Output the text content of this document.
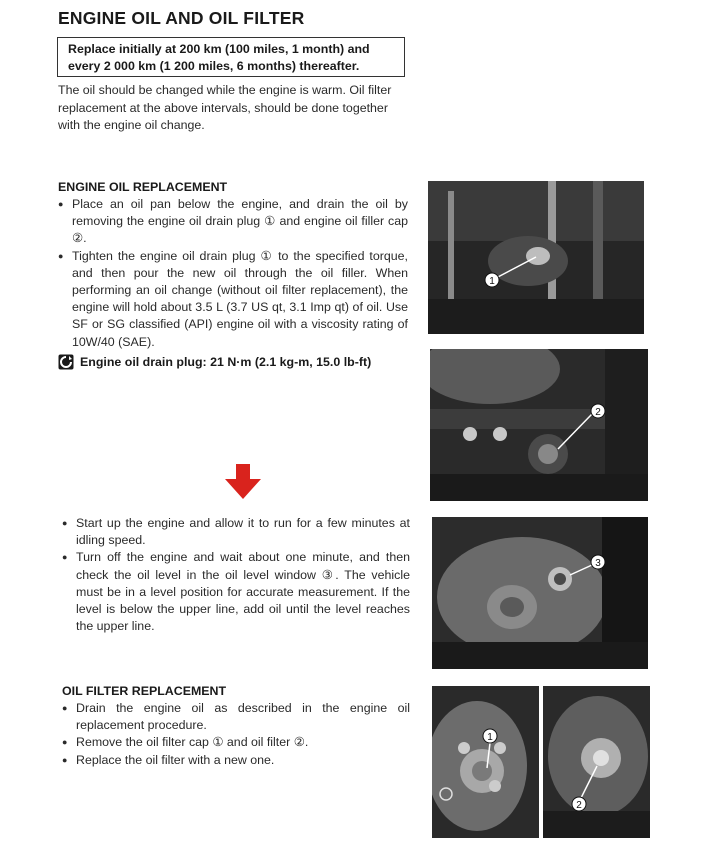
ENGINE OIL AND OIL FILTER
Replace initially at 200 km (100 miles, 1 month) and every 2 000 km (1 200 miles, 6 months) thereafter.
The oil should be changed while the engine is warm. Oil filter replacement at the above intervals, should be done together with the engine oil change.
ENGINE OIL REPLACEMENT
● Place an oil pan below the engine, and drain the oil by removing the engine oil drain plug ① and engine oil filler cap ②.
● Tighten the engine oil drain plug ① to the specified torque, and then pour the new oil through the oil filler. When performing an oil change (without oil filter replacement), the engine will hold about 3.5 L (3.7 US qt, 3.1 Imp qt) of oil. Use SF or SG classified (API) engine oil with a viscosity rating of 10W/40 (SAE).
Engine oil drain plug: 21 N·m (2.1 kg-m, 15.0 lb-ft)
● Start up the engine and allow it to run for a few minutes at idling speed.
● Turn off the engine and wait about one minute, and then check the oil level in the oil level window ③. The vehicle must be in a level position for accurate measurement. If the level is below the upper line, add oil until the level reaches the upper line.
OIL FILTER REPLACEMENT
● Drain the engine oil as described in the engine oil replacement procedure.
● Remove the oil filter cap ① and oil filter ②.
● Replace the oil filter with a new one.
1
2
3
1
2
